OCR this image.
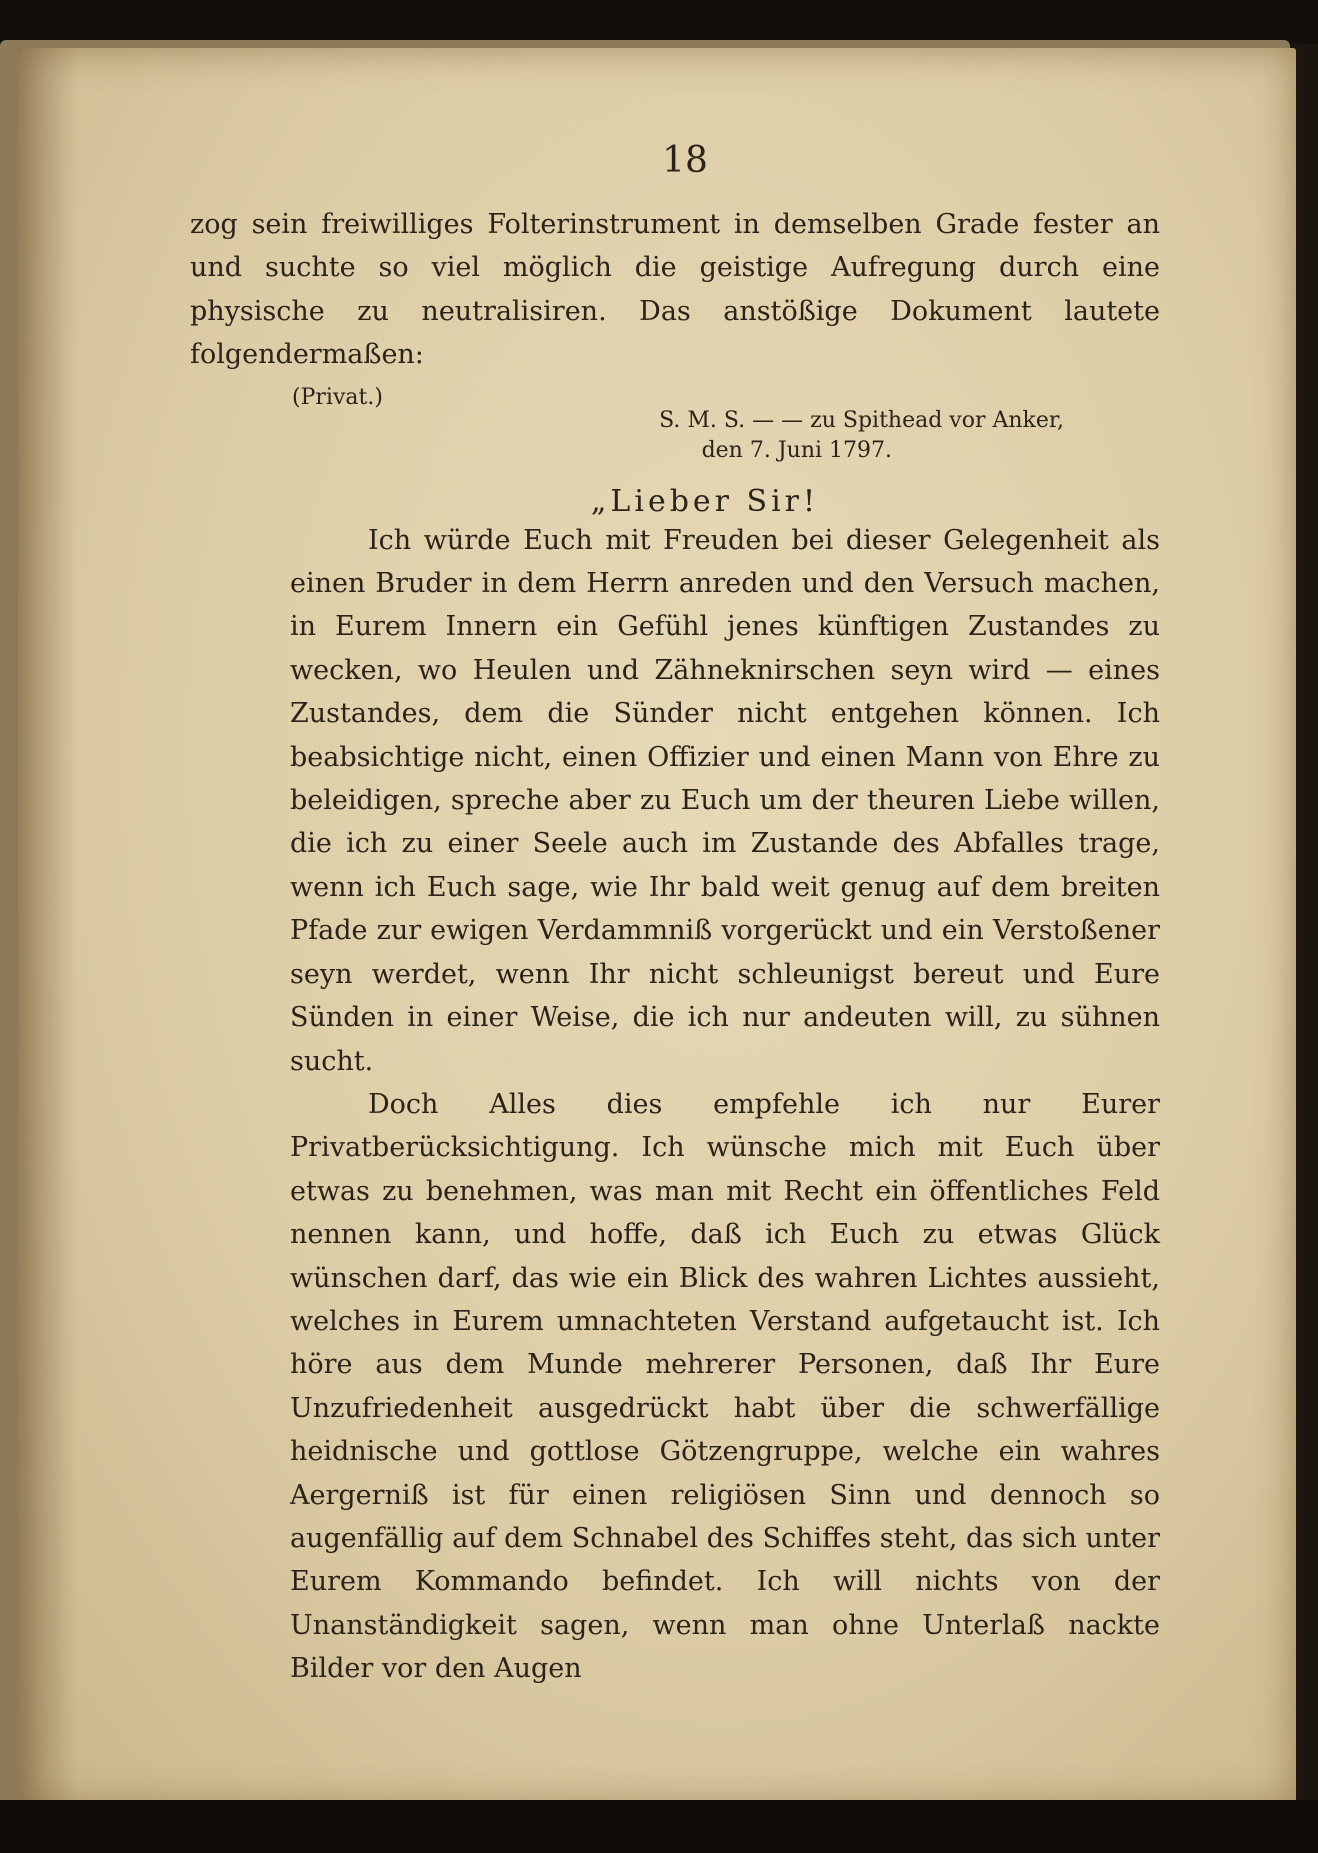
18

zog sein freiwilliges Folterinstrument in demselben Grade fester an und suchte so viel möglich die geistige Aufregung durch eine physische zu neutralisiren. Das anstößige Dokument lautete folgendermaßen:

(Privat.)
S. M. S. — — zu Spithead vor Anker,
den 7. Juni 1797.
„Lieber Sir!

Ich würde Euch mit Freuden bei dieser Gelegenheit als einen Bruder in dem Herrn anreden und den Versuch machen, in Eurem Innern ein Gefühl jenes künftigen Zustandes zu wecken, wo Heulen und Zähneknirschen seyn wird — eines Zustandes, dem die Sünder nicht entgehen können. Ich beabsichtige nicht, einen Offizier und einen Mann von Ehre zu beleidigen, spreche aber zu Euch um der theuren Liebe willen, die ich zu einer Seele auch im Zustande des Abfalles trage, wenn ich Euch sage, wie Ihr bald weit genug auf dem breiten Pfade zur ewigen Verdammniß vorgerückt und ein Verstoßener seyn werdet, wenn Ihr nicht schleunigst bereut und Eure Sünden in einer Weise, die ich nur andeuten will, zu sühnen sucht.

Doch Alles dies empfehle ich nur Eurer Privatberücksichtigung. Ich wünsche mich mit Euch über etwas zu benehmen, was man mit Recht ein öffentliches Feld nennen kann, und hoffe, daß ich Euch zu etwas Glück wünschen darf, das wie ein Blick des wahren Lichtes aussieht, welches in Eurem umnachteten Verstand aufgetaucht ist. Ich höre aus dem Munde mehrerer Personen, daß Ihr Eure Unzufriedenheit ausgedrückt habt über die schwerfällige heidnische und gottlose Götzengruppe, welche ein wahres Aergerniß ist für einen religiösen Sinn und dennoch so augenfällig auf dem Schnabel des Schiffes steht, das sich unter Eurem Kommando befindet. Ich will nichts von der Unanständigkeit sagen, wenn man ohne Unterlaß nackte Bilder vor den Augen
